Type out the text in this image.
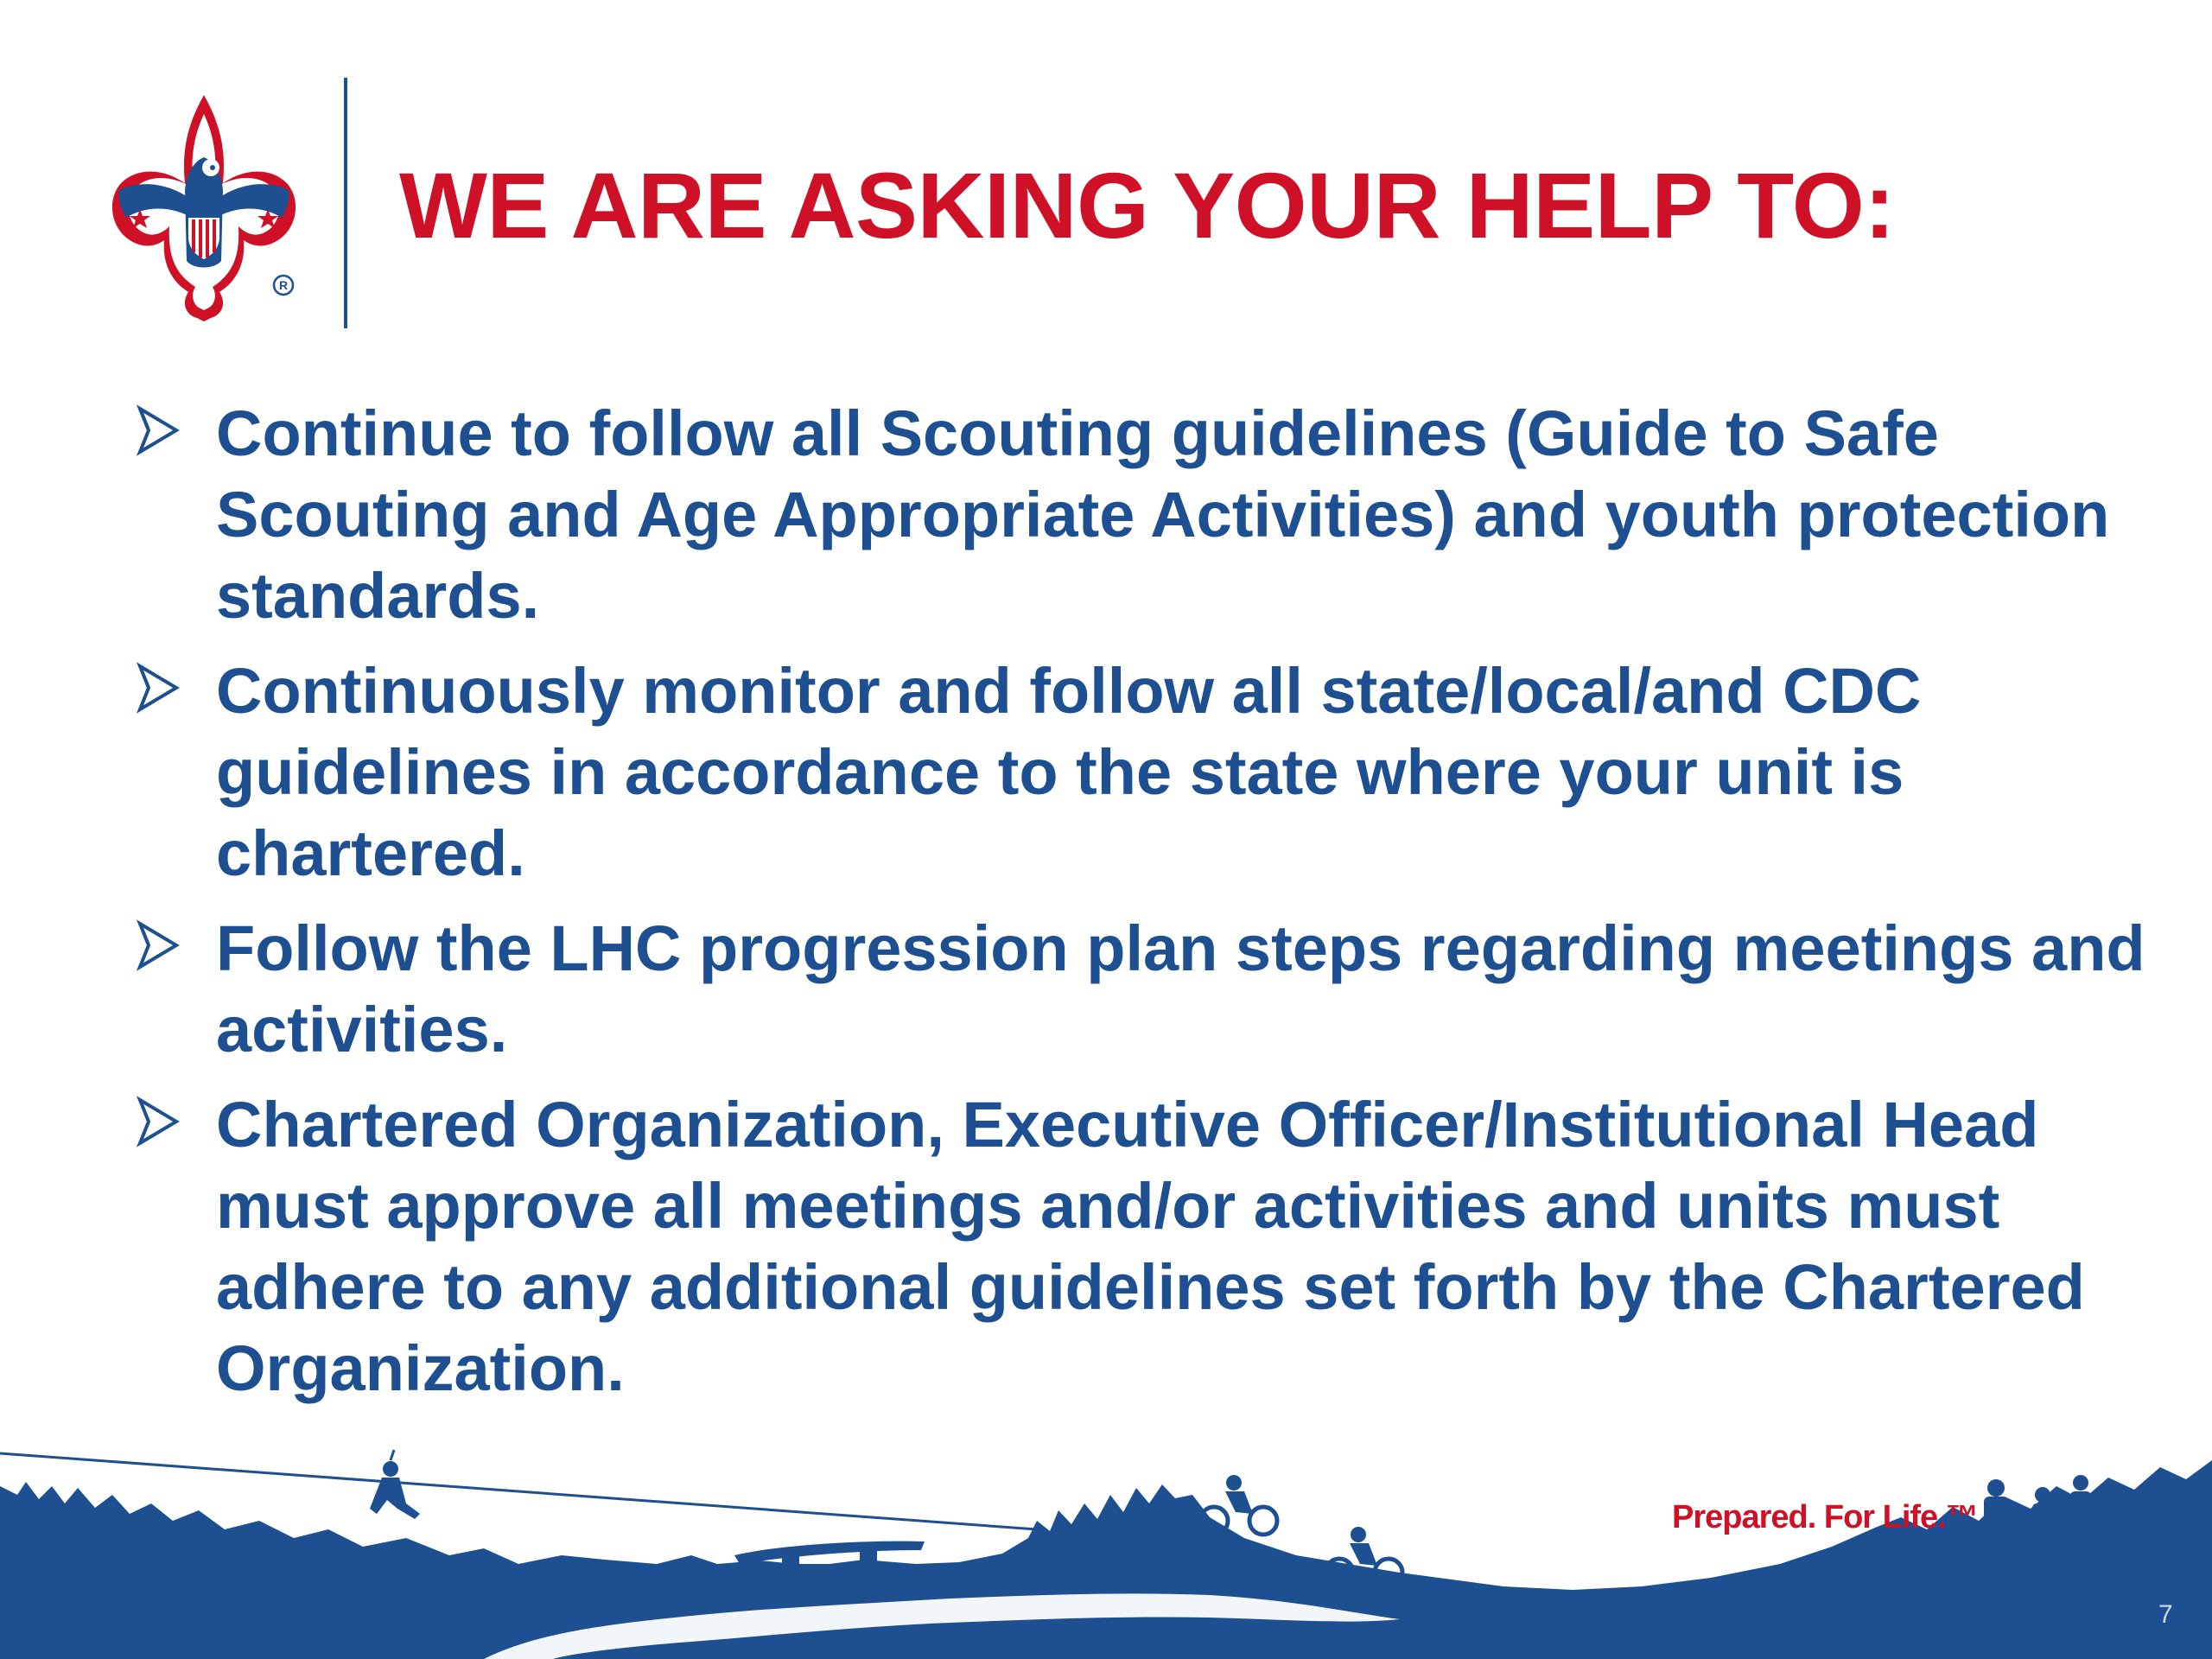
R
WE ARE ASKING YOUR HELP TO:
Continue to follow all Scouting guidelines (Guide to Safe Scouting and Age Appropriate Activities) and youth protection standards.
Continuously monitor and follow all state/local/and CDC guidelines in accordance to the state where your unit is chartered.
Follow the LHC progression plan steps regarding meetings and activities.
Chartered Organization, Executive Officer/Institutional Head must approve all meetings and/or activities and units must adhere to any additional guidelines set forth by the Chartered Organization.
Prepared. For Life.™
7
